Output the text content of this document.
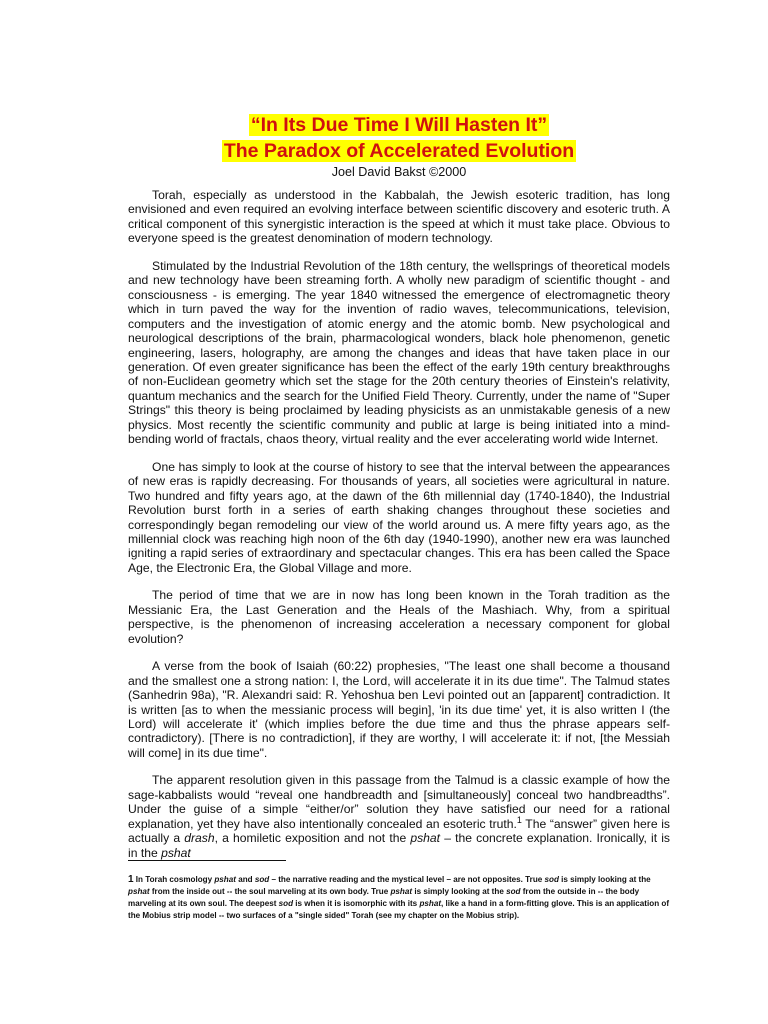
“In Its Due Time I Will Hasten It”
The Paradox of Accelerated Evolution

Joel David Bakst ©2000

Torah, especially as understood in the Kabbalah, the Jewish esoteric tradition, has long envisioned and even required an evolving interface between scientific discovery and esoteric truth. A critical component of this synergistic interaction is the speed at which it must take place. Obvious to everyone speed is the greatest denomination of modern technology.

Stimulated by the Industrial Revolution of the 18th century, the wellsprings of theoretical models and new technology have been streaming forth. A wholly new paradigm of scientific thought - and consciousness - is emerging. The year 1840 witnessed the emergence of electromagnetic theory which in turn paved the way for the invention of radio waves, telecommunications, television, computers and the investigation of atomic energy and the atomic bomb. New psychological and neurological descriptions of the brain, pharmacological wonders, black hole phenomenon, genetic engineering, lasers, holography, are among the changes and ideas that have taken place in our generation. Of even greater significance has been the effect of the early 19th century breakthroughs of non-Euclidean geometry which set the stage for the 20th century theories of Einstein's relativity, quantum mechanics and the search for the Unified Field Theory. Currently, under the name of "Super Strings" this theory is being proclaimed by leading physicists as an unmistakable genesis of a new physics. Most recently the scientific community and public at large is being initiated into a mind-bending world of fractals, chaos theory, virtual reality and the ever accelerating world wide Internet.

One has simply to look at the course of history to see that the interval between the appearances of new eras is rapidly decreasing. For thousands of years, all societies were agricultural in nature. Two hundred and fifty years ago, at the dawn of the 6th millennial day (1740-1840), the Industrial Revolution burst forth in a series of earth shaking changes throughout these societies and correspondingly began remodeling our view of the world around us. A mere fifty years ago, as the millennial clock was reaching high noon of the 6th day (1940-1990), another new era was launched igniting a rapid series of extraordinary and spectacular changes. This era has been called the Space Age, the Electronic Era, the Global Village and more.

The period of time that we are in now has long been known in the Torah tradition as the Messianic Era, the Last Generation and the Heals of the Mashiach. Why, from a spiritual perspective, is the phenomenon of increasing acceleration a necessary component for global evolution?

A verse from the book of Isaiah (60:22) prophesies, "The least one shall become a thousand and the smallest one a strong nation: I, the Lord, will accelerate it in its due time". The Talmud states (Sanhedrin 98a), "R. Alexandri said: R. Yehoshua ben Levi pointed out an [apparent] contradiction. It is written [as to when the messianic process will begin], 'in its due time' yet, it is also written I (the Lord) will accelerate it' (which implies before the due time and thus the phrase appears self-contradictory). [There is no contradiction], if they are worthy, I will accelerate it: if not, [the Messiah will come] in its due time".

The apparent resolution given in this passage from the Talmud is a classic example of how the sage-kabbalists would “reveal one handbreadth and [simultaneously] conceal two handbreadths”. Under the guise of a simple “either/or” solution they have satisfied our need for a rational explanation, yet they have also intentionally concealed an esoteric truth.$^1$ The “answer” given here is actually a drash, a homiletic exposition and not the pshat – the concrete explanation. Ironically, it is in the pshat

1 In Torah cosmology pshat and sod – the narrative reading and the mystical level – are not opposites. True sod is simply looking at the pshat from the inside out -- the soul marveling at its own body. True pshat is simply looking at the sod from the outside in -- the body marveling at its own soul. The deepest sod is when it is isomorphic with its pshat, like a hand in a form-fitting glove. This is an application of the Mobius strip model -- two surfaces of a "single sided" Torah (see my chapter on the Mobius strip).
